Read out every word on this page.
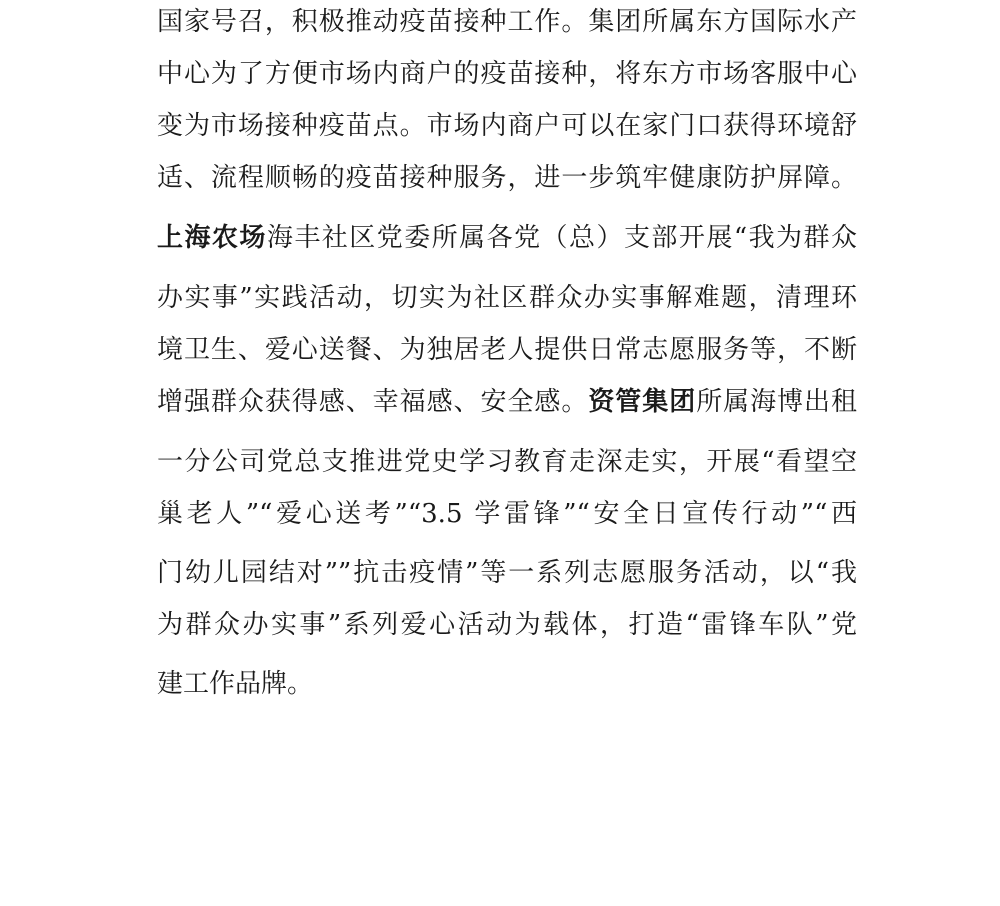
国家号召，积极推动疫苗接种工作。集团所属东方国际水产
中心为了方便市场内商户的疫苗接种，将东方市场客服中心
变为市场接种疫苗点。市场内商户可以在家门口获得环境舒
适、流程顺畅的疫苗接种服务，进一步筑牢健康防护屏障。
上海农场海丰社区党委所属各党（总）支部开展“我为群众
办实事”实践活动，切实为社区群众办实事解难题，清理环
境卫生、爱心送餐、为独居老人提供日常志愿服务等，不断
增强群众获得感、幸福感、安全感。资管集团所属海博出租
一分公司党总支推进党史学习教育走深走实，开展“看望空
巢老人”“爱心送考”“3.5 学雷锋”“安全日宣传行动”“西
门幼儿园结对””抗击疫情”等一系列志愿服务活动，以“我
为群众办实事”系列爱心活动为载体，打造“雷锋车队”党
建工作品牌。
